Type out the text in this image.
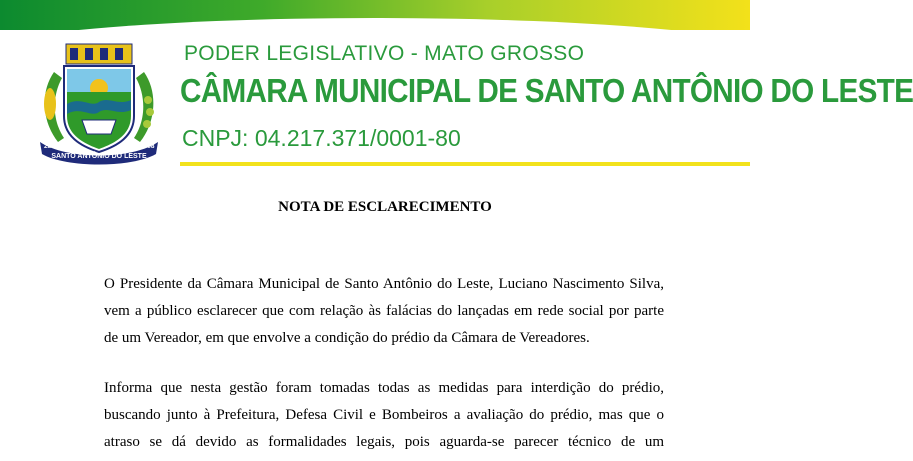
SANTO ANTÔNIO DO LESTE
28.01	1998
PODER LEGISLATIVO - MATO GROSSO
CÂMARA MUNICIPAL DE SANTO ANTÔNIO DO LESTE
CNPJ: 04.217.371/0001-80
NOTA DE ESCLARECIMENTO
O Presidente da Câmara Municipal de Santo Antônio do Leste, Luciano Nascimento Silva,
vem a público esclarecer que com relação às falácias do lançadas em rede social por parte
de um Vereador, em que envolve a condição do prédio da Câmara de Vereadores.
Informa que nesta gestão foram tomadas todas as medidas para interdição do prédio,
buscando junto à Prefeitura, Defesa Civil e Bombeiros a avaliação do prédio, mas que o
atraso se dá devido as formalidades legais, pois aguarda-se parecer técnico de um
